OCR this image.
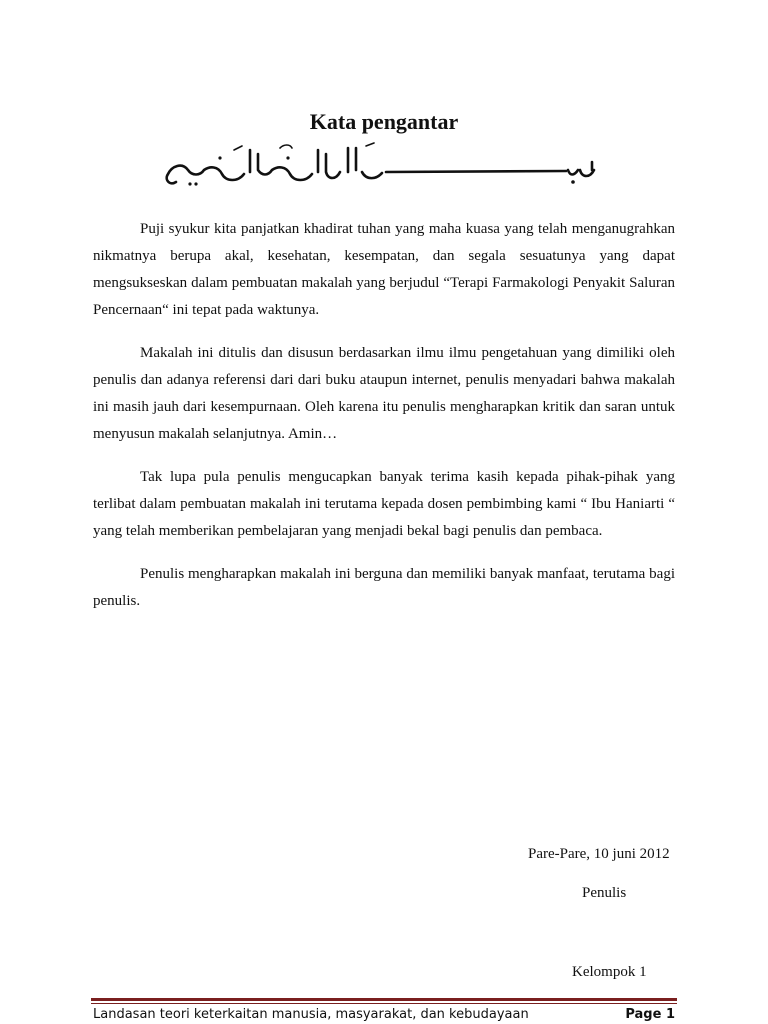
Kata pengantar

Puji syukur kita panjatkan khadirat tuhan yang maha kuasa yang telah menganugrahkan nikmatnya berupa akal, kesehatan, kesempatan, dan segala sesuatunya yang dapat mengsukseskan dalam pembuatan makalah yang berjudul “Terapi Farmakologi Penyakit Saluran Pencernaan“ ini tepat pada waktunya.

Makalah ini ditulis dan disusun berdasarkan ilmu ilmu pengetahuan yang dimiliki oleh penulis dan adanya referensi dari dari buku ataupun internet, penulis menyadari bahwa makalah ini masih jauh dari kesempurnaan. Oleh karena itu penulis mengharapkan kritik dan saran untuk menyusun makalah selanjutnya. Amin…

Tak lupa pula penulis mengucapkan banyak terima kasih kepada pihak-pihak yang terlibat dalam pembuatan makalah ini terutama kepada dosen pembimbing kami “ Ibu Haniarti “ yang telah memberikan pembelajaran yang menjadi bekal bagi penulis dan pembaca.

Penulis mengharapkan makalah ini berguna dan memiliki banyak manfaat, terutama bagi penulis.

Pare-Pare, 10 juni 2012
Penulis
Kelompok 1
Landasan teori keterkaitan manusia, masyarakat, dan kebudayaan	Page 1
